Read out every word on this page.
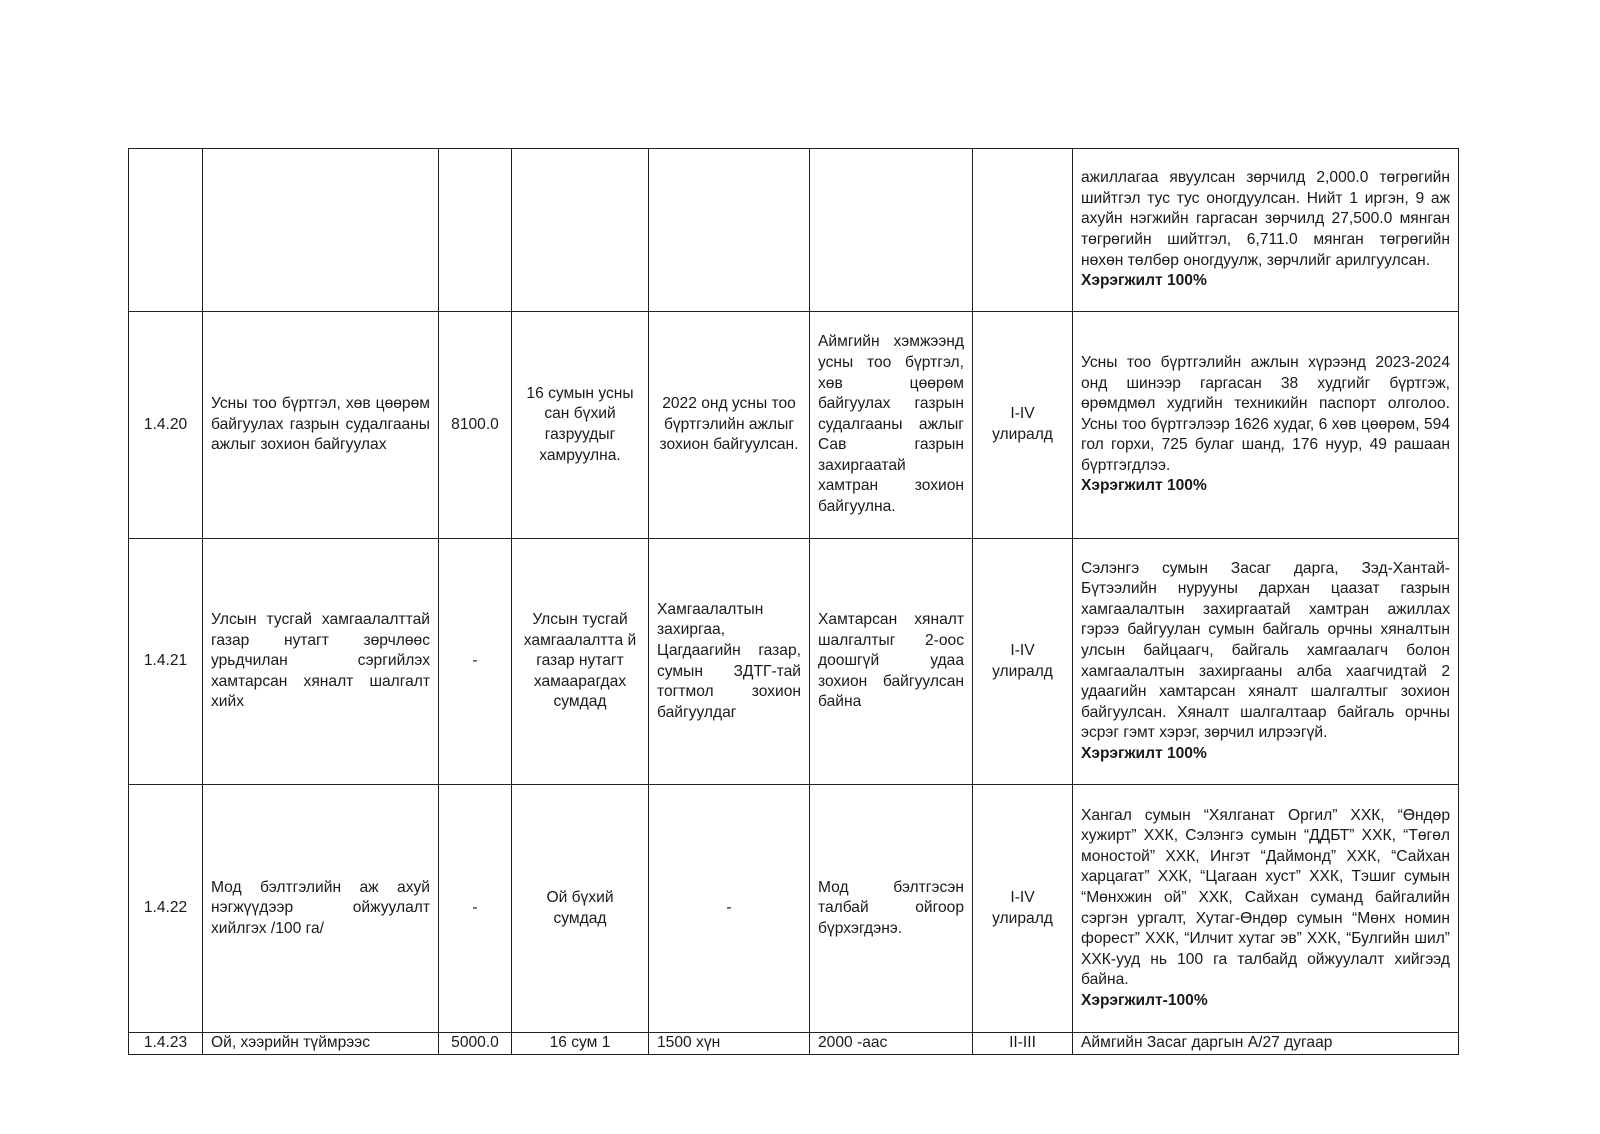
							ажиллагаа явуулсан зөрчилд 2,000.0 төгрөгийн шийтгэл тус тус оногдуулсан. Нийт 1 иргэн, 9 аж ахуйн нэгжийн гаргасан зөрчилд 27,500.0 мянган төгрөгийн шийтгэл, 6,711.0 мянган төгрөгийн нөхөн төлбөр оногдуулж, зөрчлийг арилгуулсан.
Хэрэгжилт 100%

1.4.20	Усны тоо бүртгэл, хөв цөөрөм байгуулах газрын судалгааны ажлыг зохион байгуулах	8100.0	16 сумын усны сан бүхий газруудыг хамруулна.	2022 онд усны тоо бүртгэлийн ажлыг зохион байгуулсан.	Аймгийн хэмжээнд усны тоо бүртгэл, хөв цөөрөм байгуулах газрын судалгааны ажлыг Сав газрын захиргаатай хамтран зохион байгуулна.	I-IV улиралд	Усны тоо бүртгэлийн ажлын хүрээнд 2023-2024 онд шинээр гаргасан 38 худгийг бүртгэж, өрөмдмөл худгийн техникийн паспорт олголоо. Усны тоо бүртгэлээр 1626 худаг, 6 хөв цөөрөм, 594 гол горхи, 725 булаг шанд, 176 нуур, 49 рашаан бүртгэгдлээ.
Хэрэгжилт 100%

1.4.21	Улсын тусгай хамгаалалттай газар нутагт зөрчлөөс урьдчилан сэргийлэх хамтарсан хяналт шалгалт хийх	-	Улсын тусгай хамгаалалтта й газар нутагт хамаарагдах сумдад	Хамгаалалтын захиргаа, Цагдаагийн газар, сумын ЗДТГ-тай тогтмол зохион байгуулдаг	Хамтарсан хяналт шалгалтыг 2-оос доошгүй удаа зохион байгуулсан байна	I-IV улиралд	Сэлэнгэ сумын Засаг дарга, Зэд-Хантай-Бүтээлийн нурууны дархан цаазат газрын хамгаалалтын захиргаатай хамтран ажиллах гэрээ байгуулан сумын байгаль орчны хяналтын улсын байцаагч, байгаль хамгаалагч болон хамгаалалтын захиргааны алба хаагчидтай 2 удаагийн хамтарсан хяналт шалгалтыг зохион байгуулсан. Хяналт шалгалтаар байгаль орчны эсрэг гэмт хэрэг, зөрчил илрээгүй.
Хэрэгжилт 100%

1.4.22	Мод бэлтгэлийн аж ахуй нэгжүүдээр ойжуулалт хийлгэх /100 га/	-	Ой бүхий сумдад	-	Мод бэлтгэсэн талбай ойгоор бүрхэгдэнэ.	I-IV улиралд	Хангал сумын “Хялганат Оргил” ХХК, “Өндөр хужирт” ХХК, Сэлэнгэ сумын “ДДБТ” ХХК, “Төгөл моностой” ХХК, Ингэт “Даймонд” ХХК, “Сайхан харцагат” ХХК, “Цагаан хуст” ХХК, Тэшиг сумын “Мөнхжин ой” ХХК, Сайхан сумaнд байгалийн сэргэн ургалт, Хутаг-Өндөр сумын “Мөнх номин форест” ХХК, “Илчит хутаг эв” ХХК, “Булгийн шил” ХХК-ууд нь 100 га талбайд ойжуулалт хийгээд байна.
Хэрэгжилт-100%

1.4.23	Ой, хээрийн түймрээс	5000.0	16 сум 1	1500 хүн	2000 -аас	II-III	Аймгийн Засаг даргын А/27 дугаар
